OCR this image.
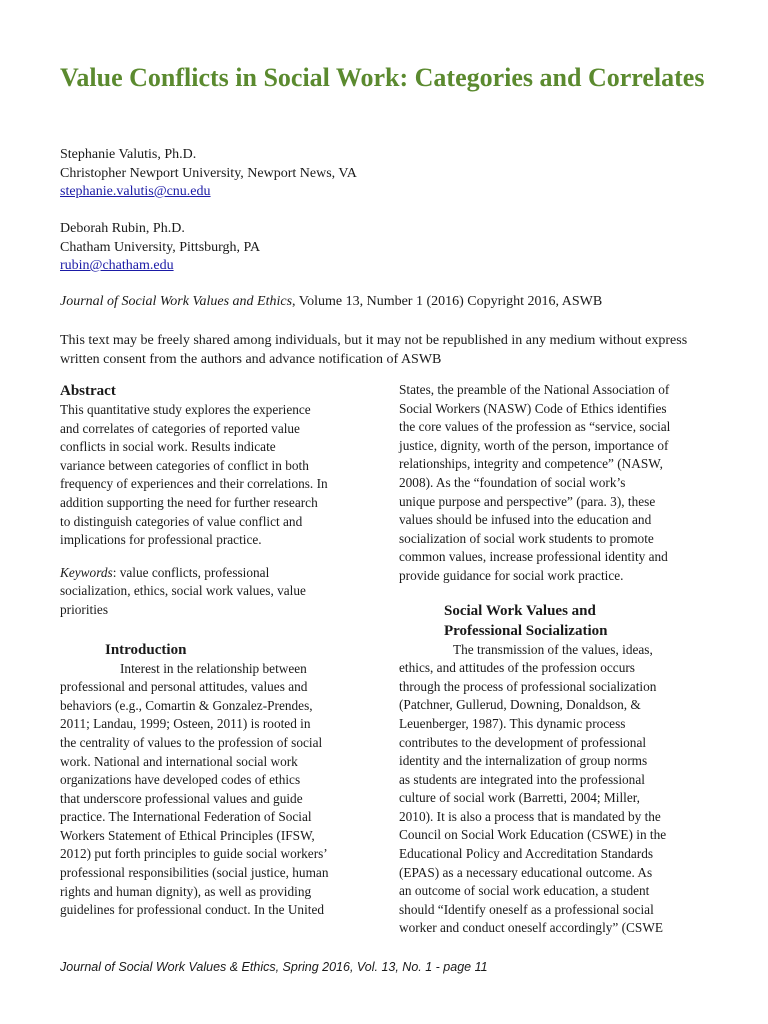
Value Conflicts in Social Work: Categories and Correlates
Stephanie Valutis, Ph.D.
Christopher Newport University, Newport News, VA
stephanie.valutis@cnu.edu
Deborah Rubin, Ph.D.
Chatham University, Pittsburgh, PA
rubin@chatham.edu
Journal of Social Work Values and Ethics, Volume 13, Number 1 (2016) Copyright 2016, ASWB
This text may be freely shared among individuals, but it may not be republished in any medium without express written consent from the authors and advance notification of ASWB
Abstract
This quantitative study explores the experience
and correlates of categories of reported value
conflicts in social work. Results indicate
variance between categories of conflict in both
frequency of experiences and their correlations. In
addition supporting the need for further research
to distinguish categories of value conflict and
implications for professional practice.
Keywords: value conflicts, professional
socialization, ethics, social work values, value
priorities
Introduction
Interest in the relationship between
professional and personal attitudes, values and
behaviors (e.g., Comartin & Gonzalez-Prendes,
2011; Landau, 1999; Osteen, 2011) is rooted in
the centrality of values to the profession of social
work. National and international social work
organizations have developed codes of ethics
that underscore professional values and guide
practice. The International Federation of Social
Workers Statement of Ethical Principles (IFSW,
2012) put forth principles to guide social workers’
professional responsibilities (social justice, human
rights and human dignity), as well as providing
guidelines for professional conduct. In the United
States, the preamble of the National Association of
Social Workers (NASW) Code of Ethics identifies
the core values of the profession as “service, social
justice, dignity, worth of the person, importance of
relationships, integrity and competence” (NASW,
2008). As the “foundation of social work’s
unique purpose and perspective” (para. 3), these
values should be infused into the education and
socialization of social work students to promote
common values, increase professional identity and
provide guidance for social work practice.
Social Work Values and
Professional Socialization
The transmission of the values, ideas,
ethics, and attitudes of the profession occurs
through the process of professional socialization
(Patchner, Gullerud, Downing, Donaldson, &
Leuenberger, 1987). This dynamic process
contributes to the development of professional
identity and the internalization of group norms
as students are integrated into the professional
culture of social work (Barretti, 2004; Miller,
2010). It is also a process that is mandated by the
Council on Social Work Education (CSWE) in the
Educational Policy and Accreditation Standards
(EPAS) as a necessary educational outcome. As
an outcome of social work education, a student
should “Identify oneself as a professional social
worker and conduct oneself accordingly” (CSWE
Journal of Social Work Values & Ethics, Spring 2016, Vol. 13, No. 1 - page 11
